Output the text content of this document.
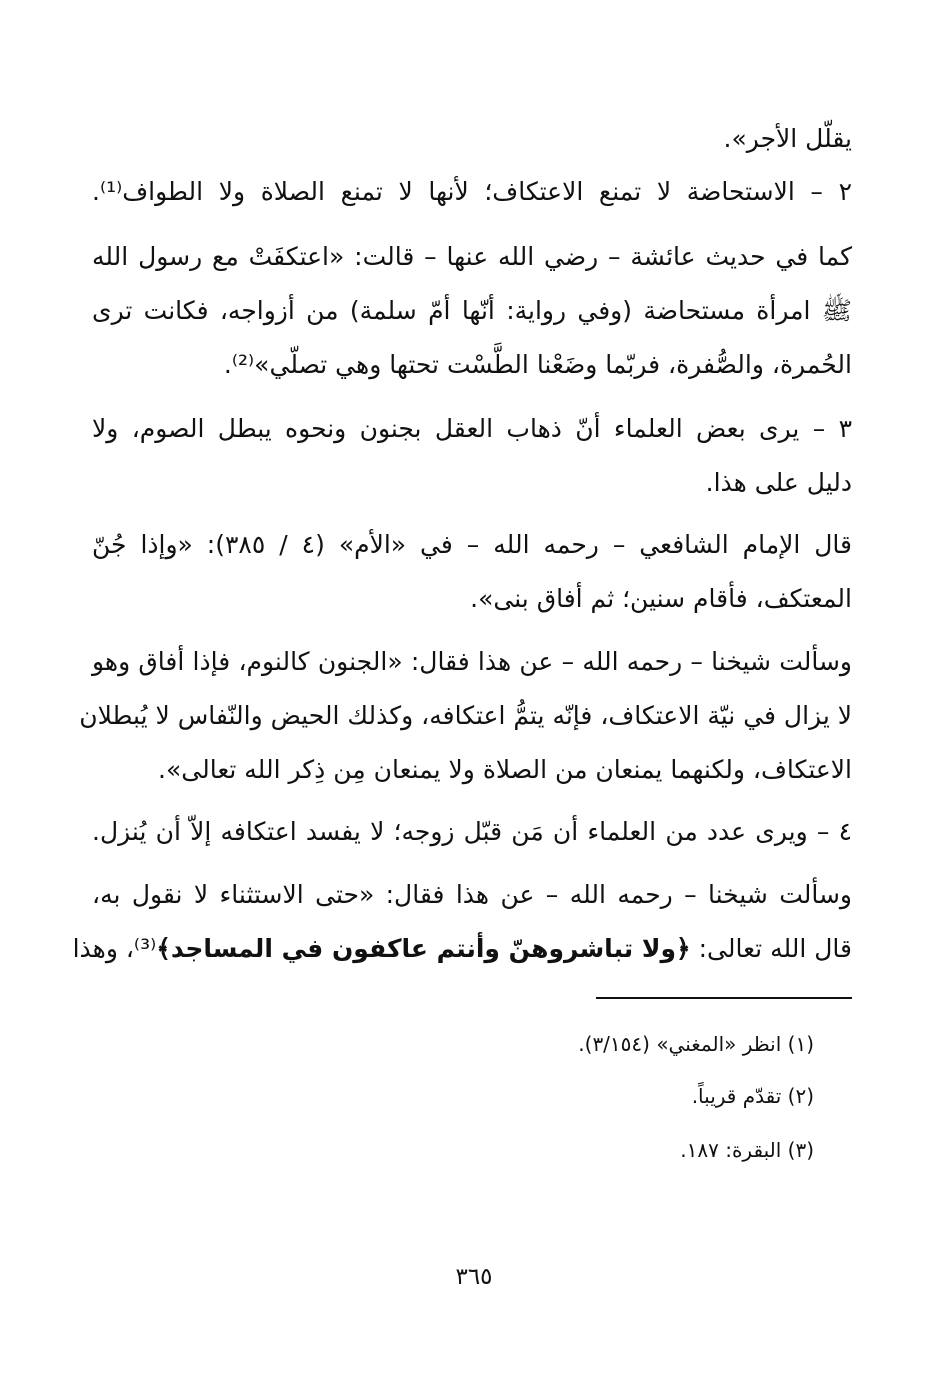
يقلّل الأجر».
٢ – الاستحاضة لا تمنع الاعتكاف؛ لأنها لا تمنع الصلاة ولا الطواف⁽¹⁾.
كما في حديث عائشة – رضي الله عنها – قالت: «اعتكفَتْ مع رسول الله
ﷺ امرأة مستحاضة (وفي رواية: أنّها أمّ سلمة) من أزواجه، فكانت ترى
الحُمرة، والصُّفرة، فربّما وضَعْنا الطَّسْت تحتها وهي تصلّي»⁽²⁾.
٣ – يرى بعض العلماء أنّ ذهاب العقل بجنون ونحوه يبطل الصوم، ولا
دليل على هذا.
قال الإمام الشافعي – رحمه الله – في «الأم» (٤ / ٣٨٥): «وإذا جُنّ
المعتكف، فأقام سنين؛ ثم أفاق بنى».
وسألت شيخنا – رحمه الله – عن هذا فقال: «الجنون كالنوم، فإذا أفاق وهو
لا يزال في نيّة الاعتكاف، فإنّه يتمُّ اعتكافه، وكذلك الحيض والنّفاس لا يُبطلان
الاعتكاف، ولكنهما يمنعان من الصلاة ولا يمنعان مِن ذِكر الله تعالى».
٤ – ويرى عدد من العلماء أن مَن قبّل زوجه؛ لا يفسد اعتكافه إلاّ أن يُنزل.
وسألت شيخنا – رحمه الله – عن هذا فقال: «حتى الاستثناء لا نقول به،
قال الله تعالى: ﴿ولا تباشروهنّ وأنتم عاكفون في المساجد﴾⁽³⁾، وهذا
(١) انظر «المغني» (٣/١٥٤).
(٢) تقدّم قريباً.
(٣) البقرة: ١٨٧.
٣٦٥
